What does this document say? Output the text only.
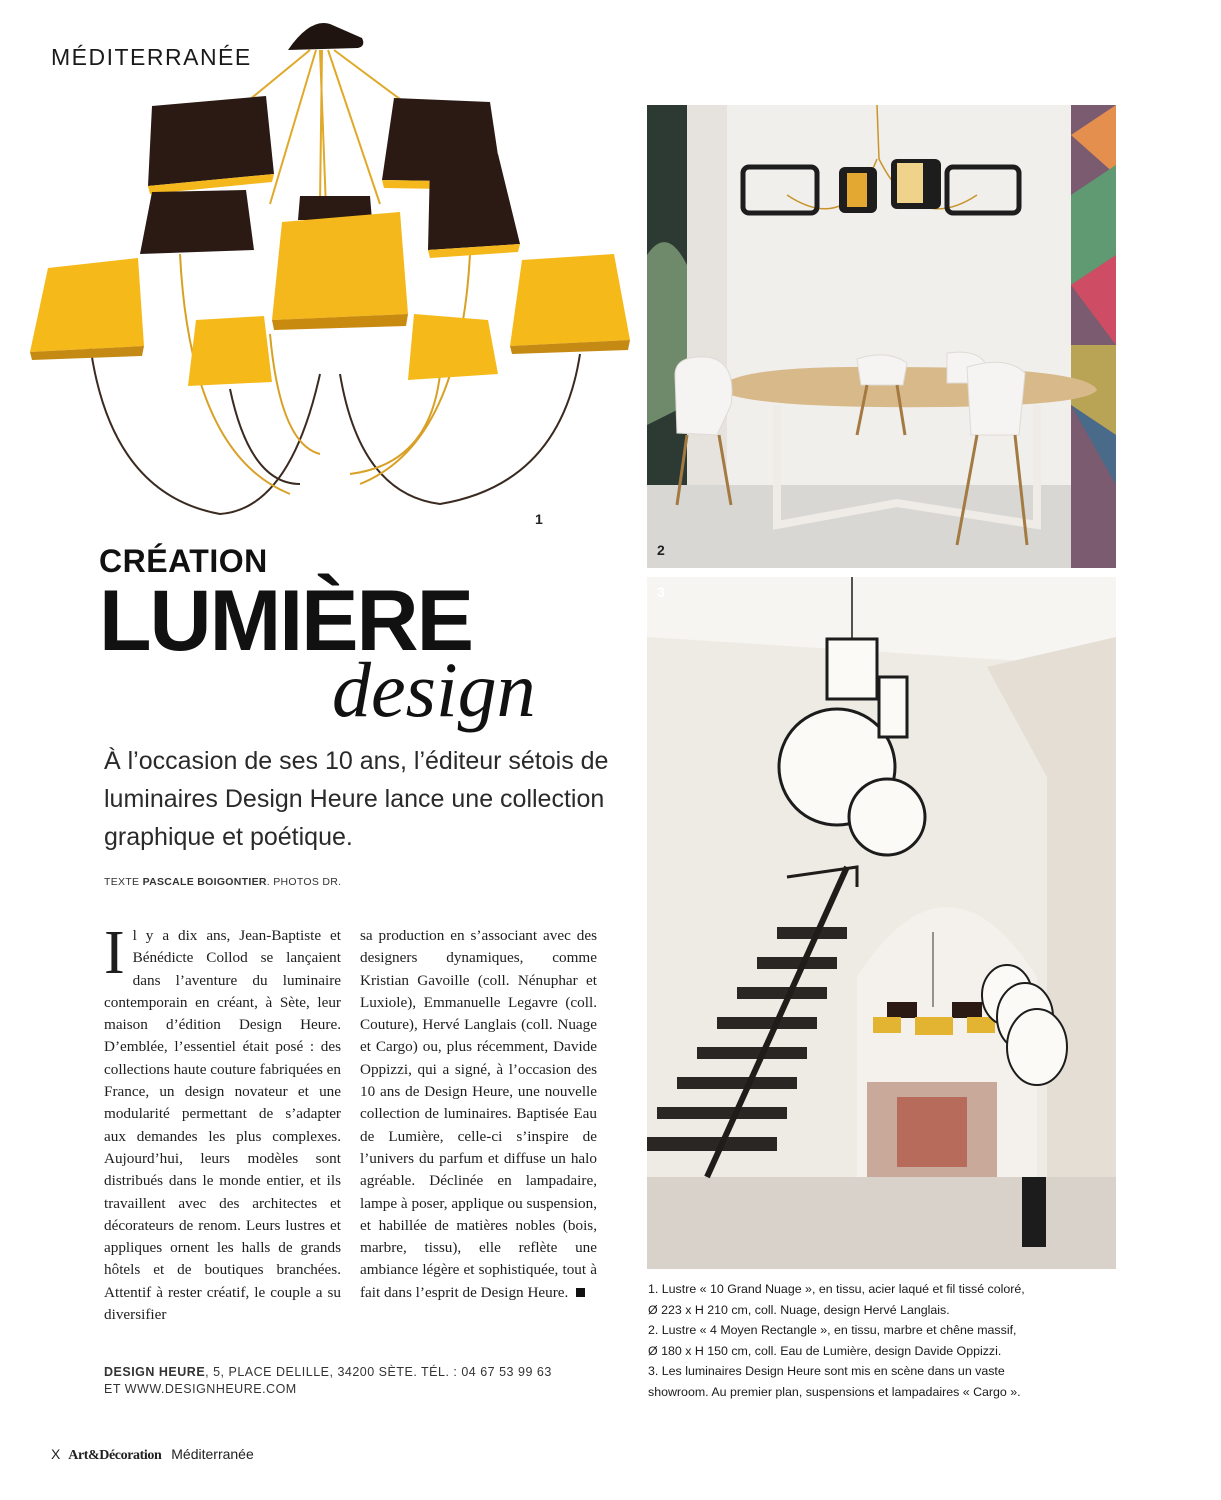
MÉDITERRANÉE
1
2
3
CRÉATION
LUMIÈRE
design
À l’occasion de ses 10 ans, l’éditeur sétois de luminaires Design Heure lance une collection graphique et poétique.
TEXTE PASCALE BOIGONTIER. PHOTOS DR.
Il y a dix ans, Jean-Baptiste et Bénédicte Collod se lançaient dans l’aventure du luminaire contemporain en créant, à Sète, leur maison d’édition Design Heure. D’emblée, l’essentiel était posé : des collections haute couture fabriquées en France, un design novateur et une modularité permettant de s’adapter aux demandes les plus complexes. Aujourd’hui, leurs modèles sont distribués dans le monde entier, et ils travaillent avec des architectes et décorateurs de renom. Leurs lustres et appliques ornent les halls de grands hôtels et de boutiques branchées. Attentif à rester créatif, le couple a su diversifier
sa production en s’associant avec des designers dynamiques, comme Kristian Gavoille (coll. Nénuphar et Luxiole), Emmanuelle Legavre (coll. Couture), Hervé Langlais (coll. Nuage et Cargo) ou, plus récemment, Davide Oppizzi, qui a signé, à l’occasion des 10 ans de Design Heure, une nouvelle collection de luminaires. Baptisée Eau de Lumière, celle-ci s’inspire de l’univers du parfum et diffuse un halo agréable. Déclinée en lampadaire, lampe à poser, applique ou suspension, et habillée de matières nobles (bois, marbre, tissu), elle reflète une ambiance légère et sophistiquée, tout à fait dans l’esprit de Design Heure.
DESIGN HEURE, 5, PLACE DELILLE, 34200 SÈTE. TÉL. : 04 67 53 99 63
ET WWW.DESIGNHEURE.COM
1. Lustre « 10 Grand Nuage », en tissu, acier laqué et fil tissé coloré,
Ø 223 x H 210 cm, coll. Nuage, design Hervé Langlais.
2. Lustre « 4 Moyen Rectangle », en tissu, marbre et chêne massif,
Ø 180 x H 150 cm, coll. Eau de Lumière, design Davide Oppizzi.
3. Les luminaires Design Heure sont mis en scène dans un vaste
showroom. Au premier plan, suspensions et lampadaires « Cargo ».
X Art&Décoration Méditerranée
